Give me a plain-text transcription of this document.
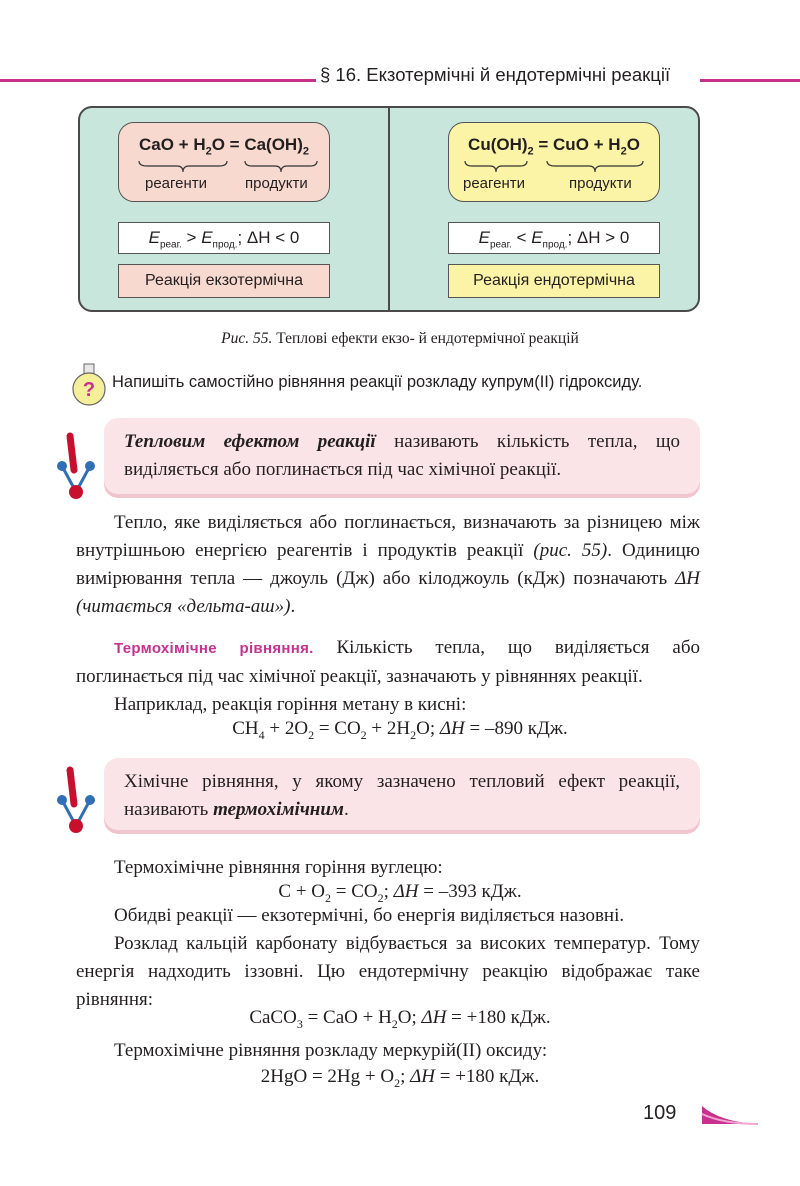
§ 16. Екзотермічні й ендотермічні реакції
CaO + $H_2O = Ca(OH)_2$
реагенти	продукти
$Cu(OH)_2$ = CuO + $H_2O$
реагенти	продукти
$E_{реаг.} > E_{прод.}$; ΔH < 0	$E_{реаг.} < E_{прод.}$; ΔH > 0
Реакція екзотермічна	Реакція ендотермічна
Рис. 55. Теплові ефекти екзо- й ендотермічної реакцій
? Напишіть самостійно рівняння реакції розкладу купрум(ІІ) гідроксиду.
Тепловим ефектом реакції називають кількість тепла, що виділяється або поглинається під час хімічної реакції.

Тепло, яке виділяється або поглинається, визначають за різницею між внутрішньою енергією реагентів і продуктів реакції (рис. 55). Одиницю вимірювання тепла — джоуль (Дж) або кілоджоуль (кДж) позначають ΔH (читається «дельта-аш»).

Термохімічне рівняння. Кількість тепла, що виділяється або поглинається під час хімічної реакції, зазначають у рівняннях реакції.

Наприклад, реакція горіння метану в кисні:

$CH_4 + 2O_2 = CO_2 + 2H_2O$; ΔH = –890 кДж.
Хімічне рівняння, у якому зазначено тепловий ефект реакції, називають термохімічним.

Термохімічне рівняння горіння вуглецю:

$C + O_2 = CO_2$; ΔH = –393 кДж.

Обидві реакції — екзотермічні, бо енергія виділяється назовні.

Розклад кальцій карбонату відбувається за високих температур. Тому енергія надходить іззовні. Цю ендотермічну реакцію відображає таке рівняння:

CaCO$_3$ = CaO + $H_2O$; ΔH = +180 кДж.

Термохімічне рівняння розкладу меркурій(ІІ) оксиду:

$2HgO = 2Hg + O_2$; ΔH = +180 кДж.
109
